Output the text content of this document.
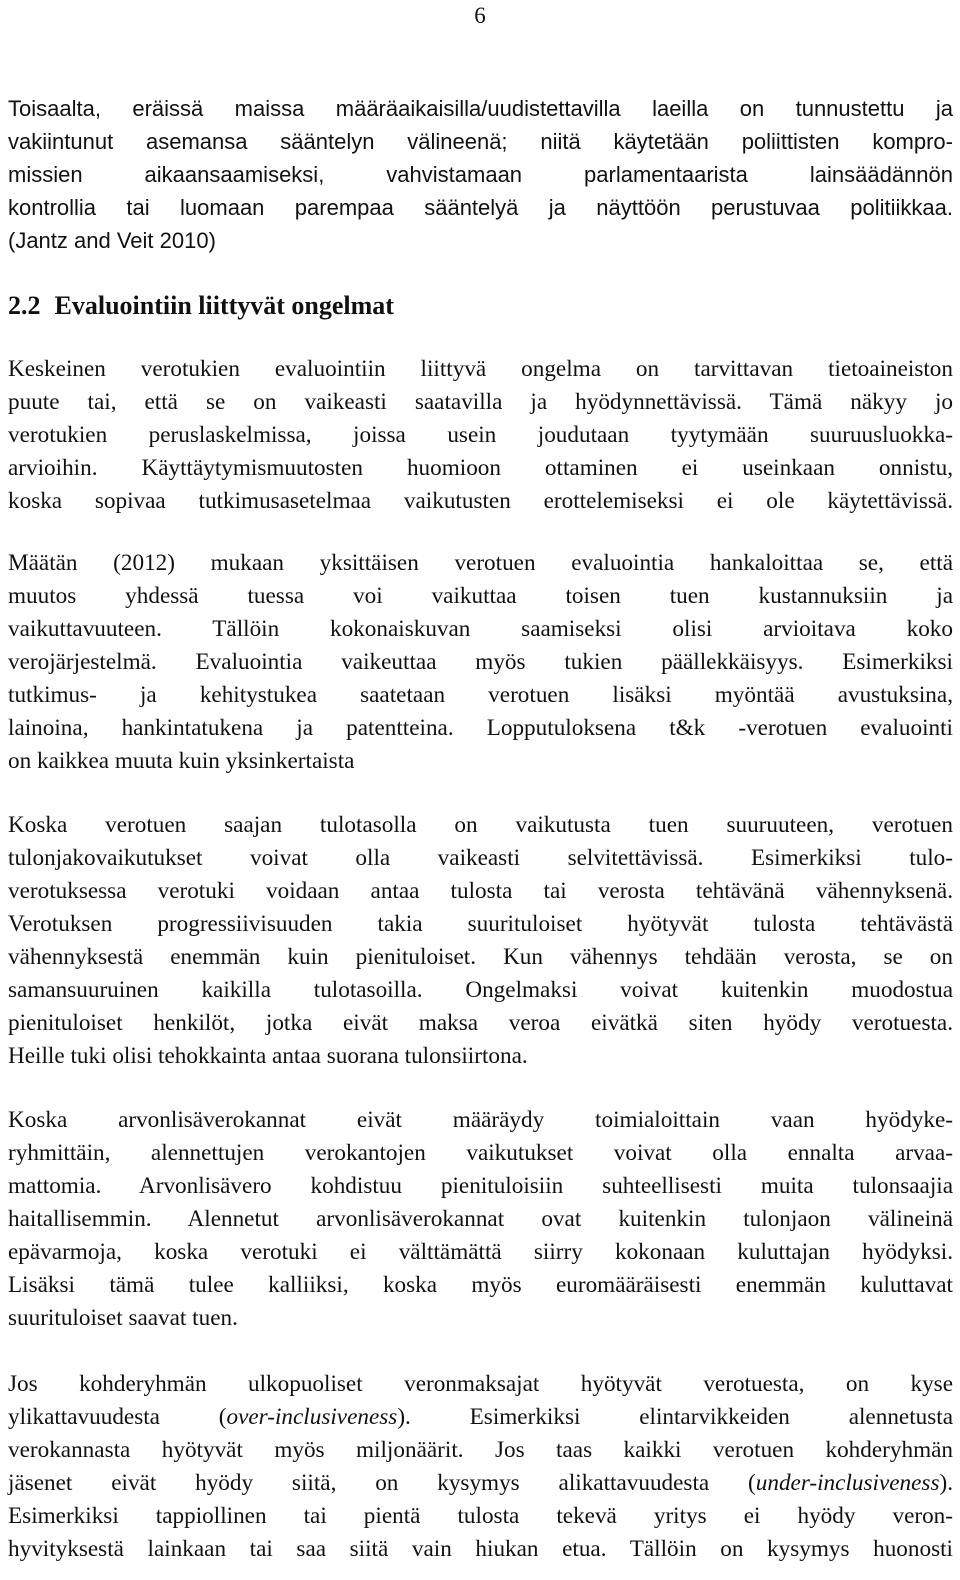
6
Toisaalta, eräissä maissa määräaikaisilla/uudistettavilla laeilla on tunnustettu ja
vakiintunut asemansa sääntelyn välineenä; niitä käytetään poliittisten kompro-
missien aikaansaamiseksi, vahvistamaan parlamentaarista lainsäädännön
kontrollia tai luomaan parempaa sääntelyä ja näyttöön perustuvaa politiikkaa.
(Jantz and Veit 2010)
2.2 Evaluointiin liittyvät ongelmat
Keskeinen verotukien evaluointiin liittyvä ongelma on tarvittavan tietoaineiston
puute tai, että se on vaikeasti saatavilla ja hyödynnettävissä. Tämä näkyy jo
verotukien peruslaskelmissa, joissa usein joudutaan tyytymään suuruusluokka-
arvioihin. Käyttäytymismuutosten huomioon ottaminen ei useinkaan onnistu,
koska sopivaa tutkimusasetelmaa vaikutusten erottelemiseksi ei ole käytettävissä.
Määtän (2012) mukaan yksittäisen verotuen evaluointia hankaloittaa se, että
muutos yhdessä tuessa voi vaikuttaa toisen tuen kustannuksiin ja
vaikuttavuuteen. Tällöin kokonaiskuvan saamiseksi olisi arvioitava koko
verojärjestelmä. Evaluointia vaikeuttaa myös tukien päällekkäisyys. Esimerkiksi
tutkimus- ja kehitystukea saatetaan verotuen lisäksi myöntää avustuksina,
lainoina, hankintatukena ja patentteina. Lopputuloksena t&k -verotuen evaluointi
on kaikkea muuta kuin yksinkertaista
Koska verotuen saajan tulotasolla on vaikutusta tuen suuruuteen, verotuen
tulonjakovaikutukset voivat olla vaikeasti selvitettävissä. Esimerkiksi tulo-
verotuksessa verotuki voidaan antaa tulosta tai verosta tehtävänä vähennyksenä.
Verotuksen progressiivisuuden takia suurituloiset hyötyvät tulosta tehtävästä
vähennyksestä enemmän kuin pienituloiset. Kun vähennys tehdään verosta, se on
samansuuruinen kaikilla tulotasoilla. Ongelmaksi voivat kuitenkin muodostua
pienituloiset henkilöt, jotka eivät maksa veroa eivätkä siten hyödy verotuesta.
Heille tuki olisi tehokkainta antaa suorana tulonsiirtona.
Koska arvonlisäverokannat eivät määräydy toimialoittain vaan hyödyke-
ryhmittäin, alennettujen verokantojen vaikutukset voivat olla ennalta arvaa-
mattomia. Arvonlisävero kohdistuu pienituloisiin suhteellisesti muita tulonsaajia
haitallisemmin. Alennetut arvonlisäverokannat ovat kuitenkin tulonjaon välineinä
epävarmoja, koska verotuki ei välttämättä siirry kokonaan kuluttajan hyödyksi.
Lisäksi tämä tulee kalliiksi, koska myös euromääräisesti enemmän kuluttavat
suurituloiset saavat tuen.
Jos kohderyhmän ulkopuoliset veronmaksajat hyötyvät verotuesta, on kyse
ylikattavuudesta (over-inclusiveness). Esimerkiksi elintarvikkeiden alennetusta
verokannasta hyötyvät myös miljonäärit. Jos taas kaikki verotuen kohderyhmän
jäsenet eivät hyödy siitä, on kysymys alikattavuudesta (under-inclusiveness).
Esimerkiksi tappiollinen tai pientä tulosta tekevä yritys ei hyödy veron-
hyvityksestä lainkaan tai saa siitä vain hiukan etua. Tällöin on kysymys huonosti
